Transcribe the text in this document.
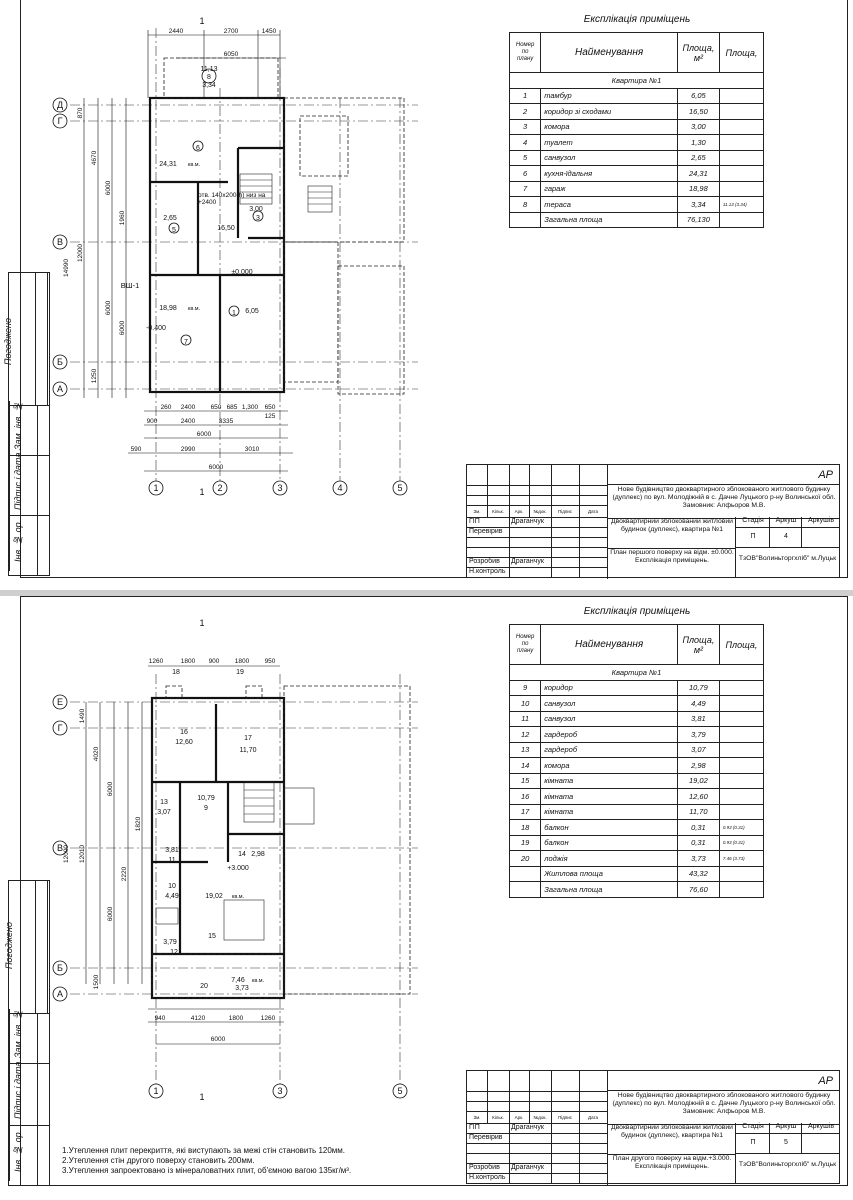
Погоджено
Зам. інв. №
Підпис і дата
Інв. № ор.
Експлікація приміщень
Номер по плану	Найменування	Площа, м²	Площа,
Квартира №1			
1	тамбур	6,05	
2	коридор зі сходами	16,50	
3	комора	3,00	
4	туалет	1,30	
5	санвузол	2,65	
6	кухня-їдальня	24,31	
7	гараж	18,98	
8	тераса	3,34	11.13 (3.34)
	Загальна площа	76,130	
Д
Г
В
Б
А
1	2	3	4	5
1
1
8
2440	2700	1450
6050
260 2400 650 685 1,300 650
125
900	2400	3335
6000
590	2990	3010
6000
870
4670
6000
1960
1250
12000
14990
6000
6000
24,31 кв.м.
6
11,13
3,34
3,00
3
2,65
5	16,50
18,98 кв.м.
7
6,05
1
-0.400
±0.000
ВШ-1
отв. 140x200(h) низ на +2400
АР
Нове будівництво двоквартирного зблокованого житлового будинку (дуплекс) по вул. Молодіжній в с. Дачне Луцького р-ну Волинської обл. Замовник: Алфьоров М.В.
Двоквартирний зблокований житловий будинок (дуплекс), квартира №1
Стадія	Аркуш	Аркушів
П	4
План першого поверху на відм. ±0.000. Експлікація приміщень.	ТзОВ"Волиньторгхліб" м.Луцьк
Зм.	Кільк.	Арк.	№док.	Підпис	Дата
ГІП	Драганчук
Перевірив
Розробив	Драганчук
Н.контроль
Погоджено
Зам. інв. №
Підпис і дата
Інв. № ор.
Експлікація приміщень
Номер по плану	Найменування	Площа, м²	Площа,
Квартира №1			
9	коридор	10,79	
10	санвузол	4,49	
11	санвузол	3,81	
12	гардероб	3,79	
13	гардероб	3,07	
14	комора	2,98	
15	кімната	19,02	
16	кімната	12,60	
17	кімната	11,70	
18	балкон	0,31	0.93 (0.31)
19	балкон	0,31	0.93 (0.31)
20	лоджія	3,73	7.46 (3.73)
	Житлова площа	43,32	
	Загальна площа	76,60	
Е
Г
В
Б
А
1	3	5
1
1
1260	1800 900 1800 950
940	4120	1800	1260
6000
1490
4020
6000
12000 12010
1820
6000
2220
1500
12,60
16
11,70
17
10,79
9
3,07
13
3,81
11
2,98
14
4,49
10
19,02 кв.м.
15
3,79
12
7,46 кв.м.
3,73
20
18	19
+3.000
АР
Нове будівництво двоквартирного зблокованого житлового будинку (дуплекс) по вул. Молодіжній в с. Дачне Луцького р-ну Волинської обл. Замовник: Алфьоров М.В.
Двоквартирний зблокований житловий будинок (дуплекс), квартира №1
Стадія	Аркуш	Аркушів
П	5
План другого поверху на відм.+3.000. Експлікація приміщень.	ТзОВ"Волиньторгхліб" м.Луцьк
Зм.	Кільк.	Арк.	№док.	Підпис	Дата
ГІП	Драганчук
Перевірив
Розробив	Драганчук
Н.контроль
1.Утеплення плит перекриття, які виступають за межі стін становить 120мм.
2.Утеплення стін другого поверху становить 200мм.
3.Утеплення запроектовано із мінераловатних плит, об'ємною вагою 135кг/м³.
